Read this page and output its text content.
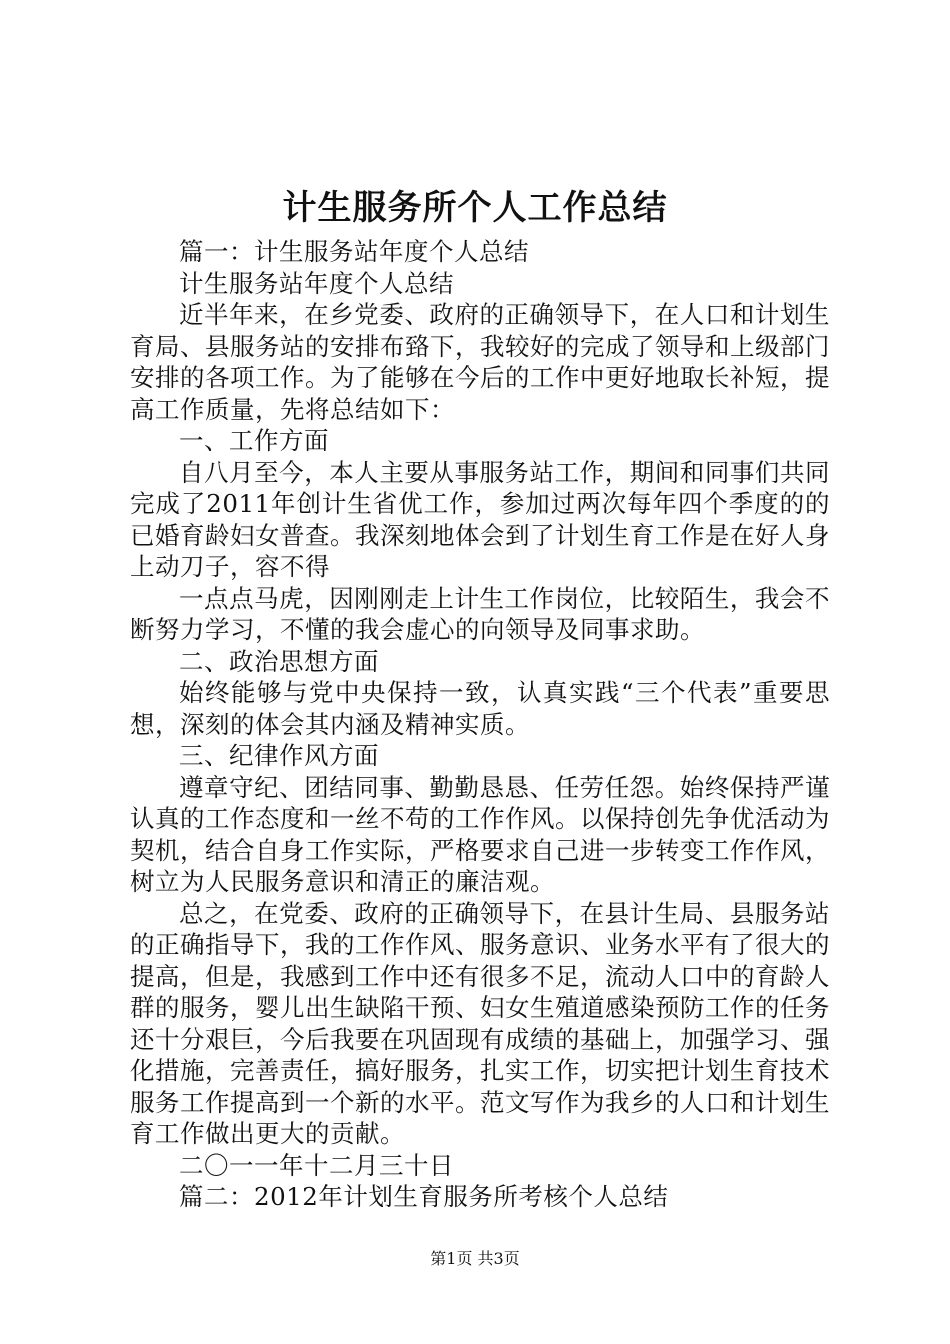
计生服务所个人工作总结

篇一：计生服务站年度个人总结

计生服务站年度个人总结

近半年来，在乡党委、政府的正确领导下，在人口和计划生育局、县服务站的安排布臵下，我较好的完成了领导和上级部门安排的各项工作。为了能够在今后的工作中更好地取长补短，提高工作质量，先将总结如下：

一、工作方面

自八月至今，本人主要从事服务站工作，期间和同事们共同完成了2011年创计生省优工作，参加过两次每年四个季度的的已婚育龄妇女普查。我深刻地体会到了计划生育工作是在好人身上动刀子，容不得

一点点马虎，因刚刚走上计生工作岗位，比较陌生，我会不断努力学习，不懂的我会虚心的向领导及同事求助。

二、政治思想方面

始终能够与党中央保持一致，认真实践“三个代表”重要思想，深刻的体会其内涵及精神实质。

三、纪律作风方面

遵章守纪、团结同事、勤勤恳恳、任劳任怨。始终保持严谨认真的工作态度和一丝不苟的工作作风。以保持创先争优活动为契机，结合自身工作实际，严格要求自己进一步转变工作作风，树立为人民服务意识和清正的廉洁观。

总之，在党委、政府的正确领导下，在县计生局、县服务站的正确指导下，我的工作作风、服务意识、业务水平有了很大的提高，但是，我感到工作中还有很多不足，流动人口中的育龄人群的服务，婴儿出生缺陷干预、妇女生殖道感染预防工作的任务还十分艰巨，今后我要在巩固现有成绩的基础上，加强学习、强化措施，完善责任，搞好服务，扎实工作，切实把计划生育技术服务工作提高到一个新的水平。范文写作为我乡的人口和计划生育工作做出更大的贡献。

二〇一一年十二月三十日

篇二：2012年计划生育服务所考核个人总结

第1页 共3页
